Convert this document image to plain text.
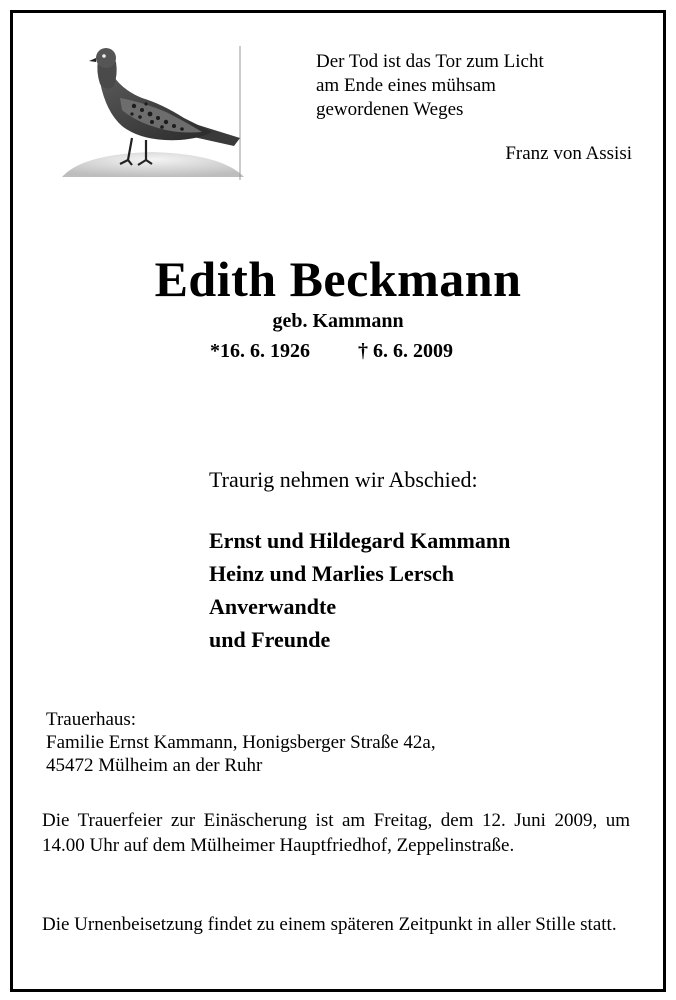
Der Tod ist das Tor zum Licht
am Ende eines mühsam
gewordenen Weges
Franz von Assisi
Edith Beckmann
geb. Kammann
*16. 6. 1926 † 6. 6. 2009
Traurig nehmen wir Abschied:
Ernst und Hildegard Kammann
Heinz und Marlies Lersch
Anverwandte
und Freunde
Trauerhaus:
Familie Ernst Kammann, Honigsberger Straße 42a,
45472 Mülheim an der Ruhr
Die Trauerfeier zur Einäscherung ist am Freitag, dem 12. Juni 2009, um 14.00 Uhr auf dem Mülheimer Hauptfriedhof, Zeppelinstraße.
Die Urnenbeisetzung findet zu einem späteren Zeitpunkt in aller Stille statt.
